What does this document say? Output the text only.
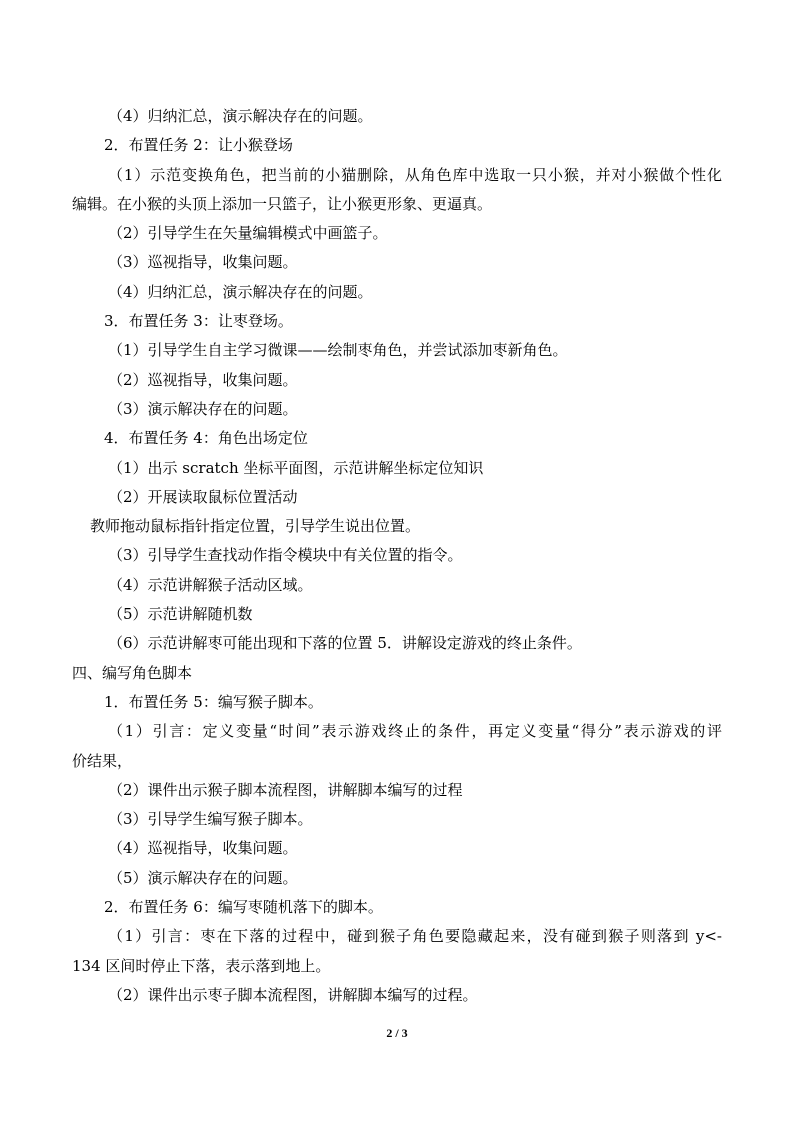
（4）归纳汇总，演示解决存在的问题。
2．布置任务 2：让小猴登场
（1）示范变换角色，把当前的小猫删除，从角色库中选取一只小猴，并对小猴做个性化
编辑。在小猴的头顶上添加一只篮子，让小猴更形象、更逼真。
（2）引导学生在矢量编辑模式中画篮子。
（3）巡视指导，收集问题。
（4）归纳汇总，演示解决存在的问题。
3．布置任务 3：让枣登场。
（1）引导学生自主学习微课——绘制枣角色，并尝试添加枣新角色。
（2）巡视指导，收集问题。
（3）演示解决存在的问题。
4．布置任务 4：角色出场定位
（1）出示 scratch 坐标平面图，示范讲解坐标定位知识
（2）开展读取鼠标位置活动
教师拖动鼠标指针指定位置，引导学生说出位置。
（3）引导学生查找动作指令模块中有关位置的指令。
（4）示范讲解猴子活动区域。
（5）示范讲解随机数
（6）示范讲解枣可能出现和下落的位置 5．讲解设定游戏的终止条件。
四、编写角色脚本
1．布置任务 5：编写猴子脚本。
（1）引言：定义变量“时间”表示游戏终止的条件，再定义变量“得分”表示游戏的评
价结果，
（2）课件出示猴子脚本流程图，讲解脚本编写的过程
（3）引导学生编写猴子脚本。
（4）巡视指导，收集问题。
（5）演示解决存在的问题。
2．布置任务 6：编写枣随机落下的脚本。
（1）引言：枣在下落的过程中，碰到猴子角色要隐藏起来，没有碰到猴子则落到 y<-
134 区间时停止下落，表示落到地上。
（2）课件出示枣子脚本流程图，讲解脚本编写的过程。
2 / 3
